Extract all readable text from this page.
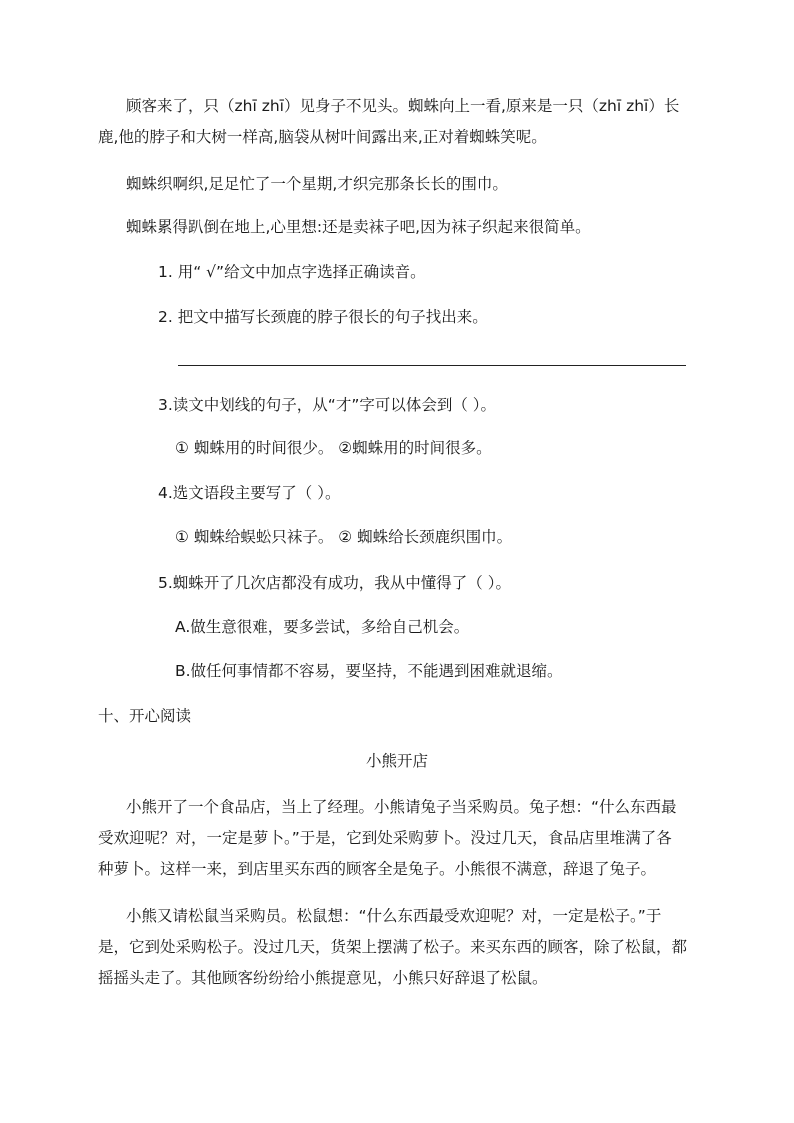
顾客来了，只（zhī zhī）见身子不见头。蜘蛛向上一看,原来是一只（zhī zhī）长
鹿,他的脖子和大树一样高,脑袋从树叶间露出来,正对着蜘蛛笑呢。
蜘蛛织啊织,足足忙了一个星期,才织完那条长长的围巾。
蜘蛛累得趴倒在地上,心里想:还是卖袜子吧,因为袜子织起来很简单。
1. 用“ √”给文中加点字选择正确读音。
2. 把文中描写长颈鹿的脖子很长的句子找出来。
3.读文中划线的句子，从“才”字可以体会到（ ）。
① 蜘蛛用的时间很少。 ②蜘蛛用的时间很多。
4.选文语段主要写了（ ）。
① 蜘蛛给蜈蚣只袜子。 ② 蜘蛛给长颈鹿织围巾。
5.蜘蛛开了几次店都没有成功，我从中懂得了（ ）。
A.做生意很难，要多尝试，多给自己机会。
B.做任何事情都不容易，要坚持，不能遇到困难就退缩。
十、开心阅读
小熊开店
小熊开了一个食品店，当上了经理。小熊请兔子当采购员。兔子想：“什么东西最
受欢迎呢？对，一定是萝卜。”于是，它到处采购萝卜。没过几天，食品店里堆满了各
种萝卜。这样一来，到店里买东西的顾客全是兔子。小熊很不满意，辞退了兔子。
小熊又请松鼠当采购员。松鼠想：“什么东西最受欢迎呢？对，一定是松子。”于
是，它到处采购松子。没过几天，货架上摆满了松子。来买东西的顾客，除了松鼠，都
摇摇头走了。其他顾客纷纷给小熊提意见，小熊只好辞退了松鼠。
